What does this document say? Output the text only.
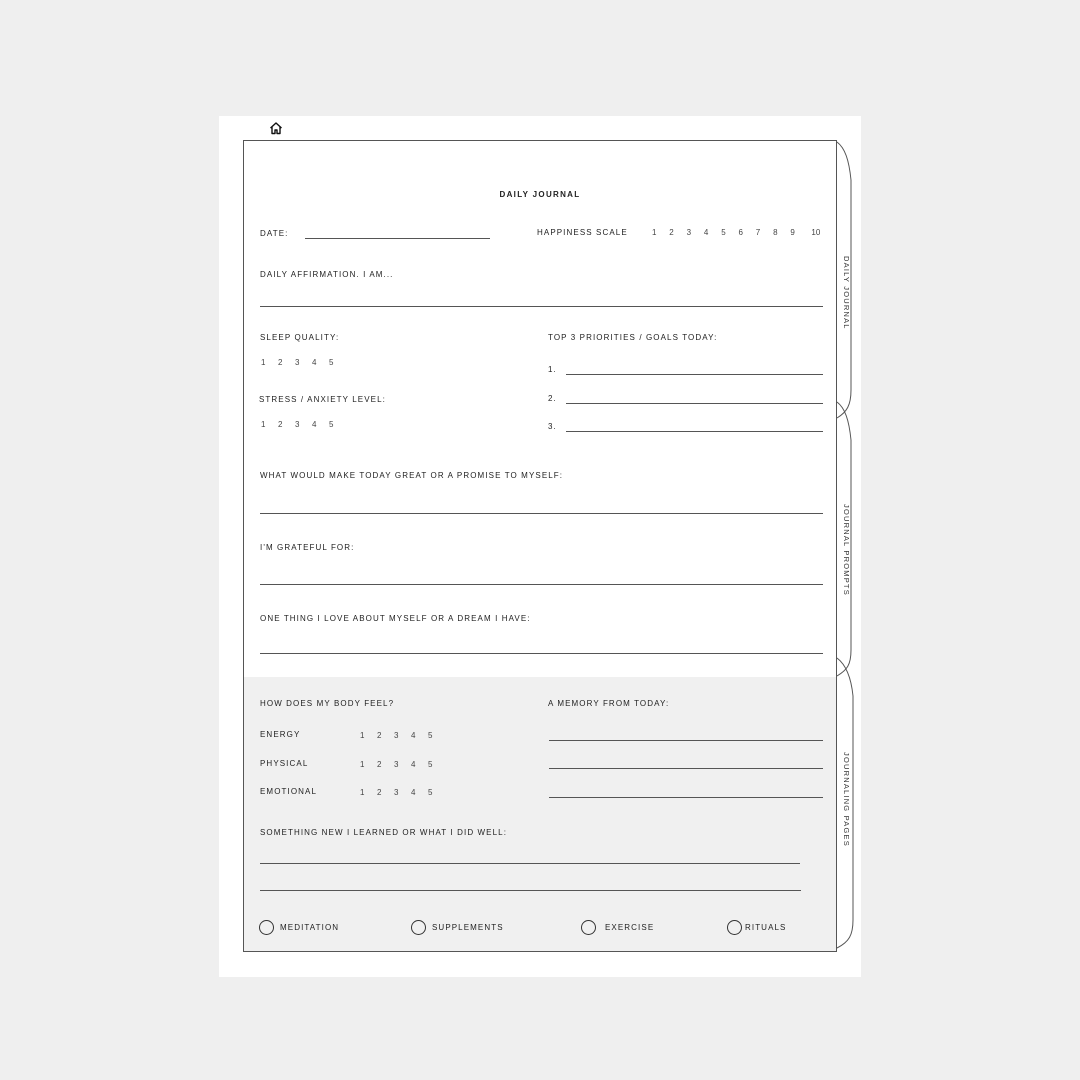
DAILY JOURNAL
JOURNAL PROMPTS
JOURNALING PAGES
DAILY JOURNAL
DATE:	HAPPINESS SCALE	1	2	3	4	5	6	7	8	9	10
DAILY AFFIRMATION. I AM...
SLEEP QUALITY:
1	2	3	4	5
STRESS / ANXIETY LEVEL:
1	2	3	4	5
TOP 3 PRIORITIES / GOALS TODAY:
1.
2.
3.
WHAT WOULD MAKE TODAY GREAT OR A PROMISE TO MYSELF:
I'M GRATEFUL FOR:
ONE THING I LOVE ABOUT MYSELF OR A DREAM I HAVE:
HOW DOES MY BODY FEEL?
ENERGY	1	2	3	4	5
PHYSICAL	1	2	3	4	5
EMOTIONAL	1	2	3	4	5
A MEMORY FROM TODAY:
SOMETHING NEW I LEARNED OR WHAT I DID WELL:
MEDITATION	SUPPLEMENTS	EXERCISE	RITUALS
